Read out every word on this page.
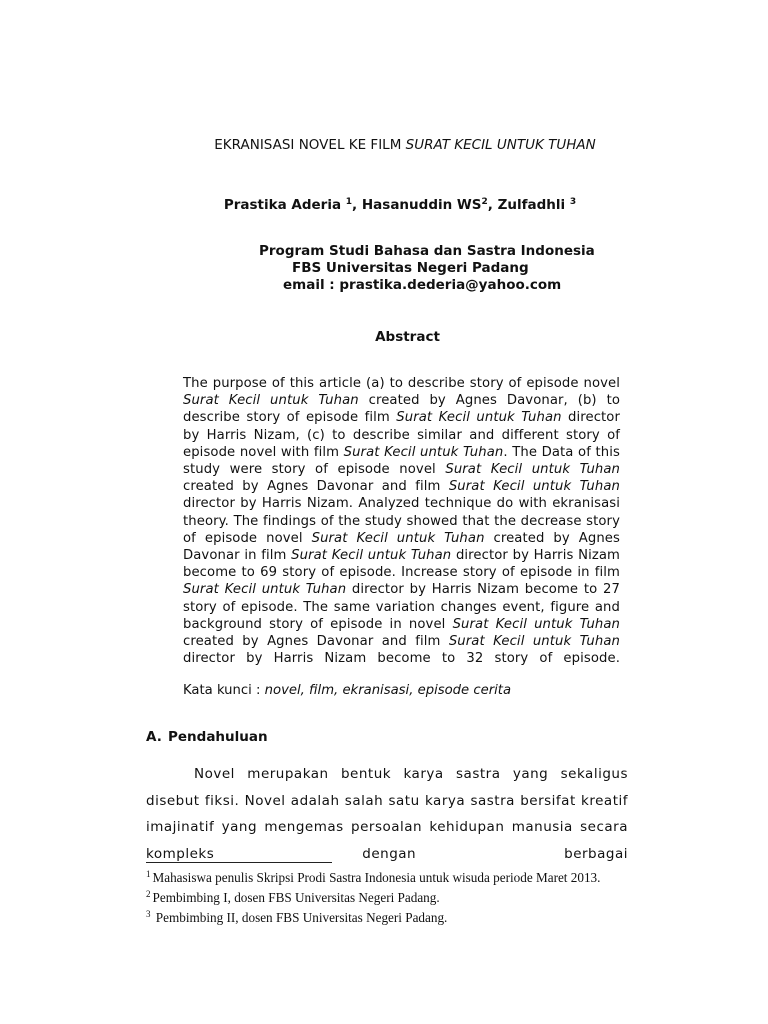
EKRANISASI NOVEL KE FILM SURAT KECIL UNTUK TUHAN
Prastika Aderia $^1$, Hasanuddin $WS^2$, Zulfadhli $^3$
Program Studi Bahasa dan Sastra Indonesia
FBS Universitas Negeri Padang
email : prastika.dederia@yahoo.com
Abstract
The purpose of this article (a) to describe story of episode novel Surat Kecil untuk Tuhan created by Agnes Davonar, (b) to describe story of episode film Surat Kecil untuk Tuhan director by Harris Nizam, (c) to describe similar and different story of episode novel with film Surat Kecil untuk Tuhan. The Data of this study were story of episode novel Surat Kecil untuk Tuhan created by Agnes Davonar and film Surat Kecil untuk Tuhan director by Harris Nizam. Analyzed technique do with ekranisasi theory. The findings of the study showed that the decrease story of episode novel Surat Kecil untuk Tuhan created by Agnes Davonar in film Surat Kecil untuk Tuhan director by Harris Nizam become to 69 story of episode. Increase story of episode in film Surat Kecil untuk Tuhan director by Harris Nizam become to 27 story of episode. The same variation changes event, figure and background story of episode in novel Surat Kecil untuk Tuhan created by Agnes Davonar and film Surat Kecil untuk Tuhan director by Harris Nizam become to 32 story of episode.
Kata kunci : novel, film, ekranisasi, episode cerita
A. Pendahuluan
Novel merupakan bentuk karya sastra yang sekaligus disebut fiksi. Novel adalah salah satu karya sastra bersifat kreatif imajinatif yang mengemas persoalan kehidupan manusia secara kompleks dengan berbagai
$^1$ Mahasiswa penulis Skripsi Prodi Sastra Indonesia untuk wisuda periode Maret 2013.
$^2$ Pembimbing I, dosen FBS Universitas Negeri Padang.
$^3$ Pembimbing II, dosen FBS Universitas Negeri Padang.
